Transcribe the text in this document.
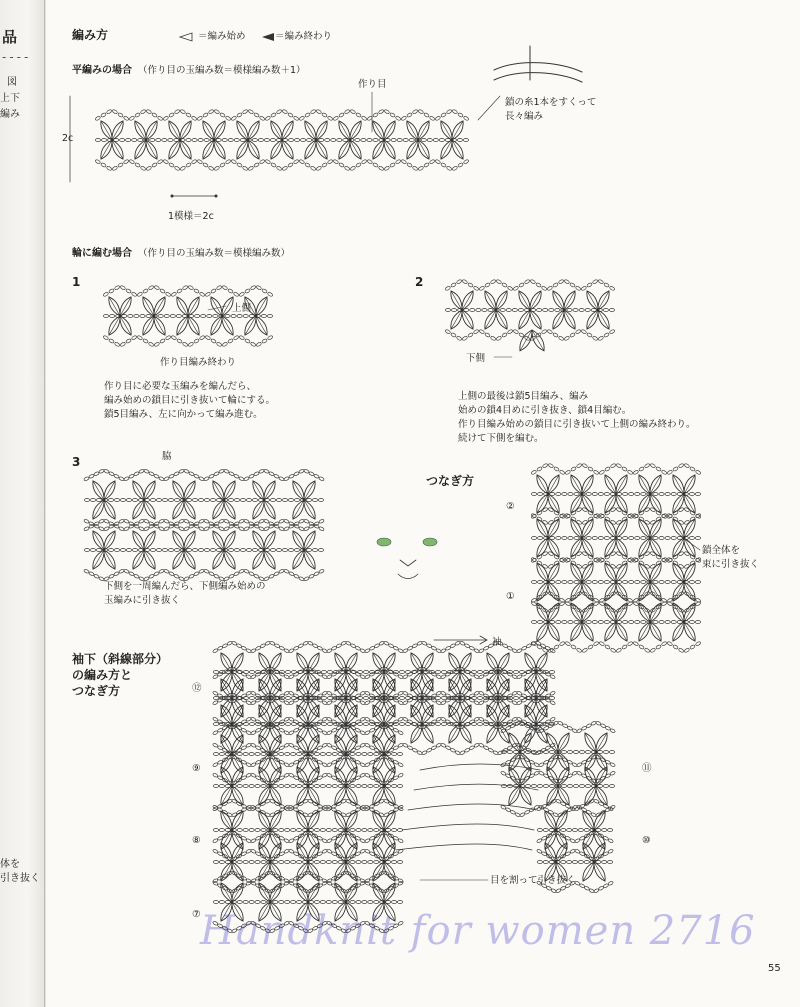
品
----
図
上下
編み
体を
引き抜く
編み方	＝編み始め	＝編み終わり
平編みの場合 （作り目の玉編み数＝模様編み数＋1）
作り目
2c
1模様＝2c
鎖の糸1本をすくって
長々編み
輪に編む場合 （作り目の玉編み数＝模様編み数）
1
上側
作り目編み終わり
作り目に必要な玉編みを編んだら、
編み始めの鎖目に引き抜いて輪にする。
鎖5目編み、左に向かって編み進む。
2
下側
上側の最後は鎖5目編み、編み
始めの鎖4目めに引き抜き、鎖4目編む。
作り目編み始めの鎖目に引き抜いて上側の編み終わり。
続けて下側を編む。
3	脇
下側を一周編んだら、下側編み始めの
玉編みに引き抜く
つなぎ方
②
①
鎖全体を
束に引き抜く
袖下（斜線部分）
の編み方と
つなぎ方
袖
⑫
⑨
⑧
⑦
⑪
⑩
目を割って引き抜く
Handknit for women 2716
55
